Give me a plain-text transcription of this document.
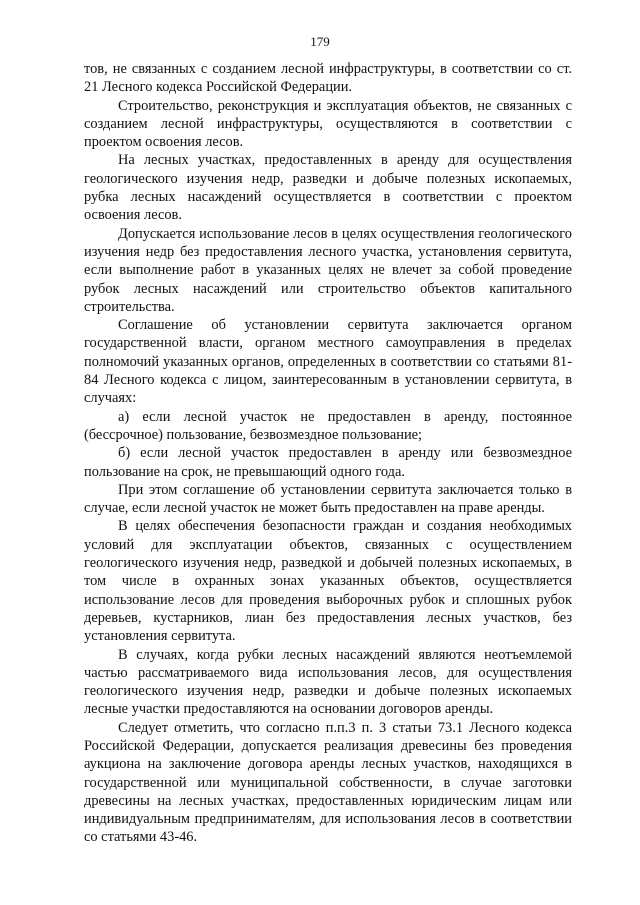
179

тов, не связанных с созданием лесной инфраструктуры, в соответствии со ст. 21 Лесного кодекса Российской Федерации.

Строительство, реконструкция и эксплуатация объектов, не связанных с созданием лесной инфраструктуры, осуществляются в соответствии с проектом освоения лесов.

На лесных участках, предоставленных в аренду для осуществления геологического изучения недр, разведки и добыче полезных ископаемых, рубка лесных насаждений осуществляется в соответствии с проектом освоения лесов.

Допускается использование лесов в целях осуществления геологического изучения недр без предоставления лесного участка, установления сервитута, если выполнение работ в указанных целях не влечет за собой проведение рубок лесных насаждений или строительство объектов капитального строительства.

Соглашение об установлении сервитута заключается органом государственной власти, органом местного самоуправления в пределах полномочий указанных органов, определенных в соответствии со статьями 81-84 Лесного кодекса с лицом, заинтересованным в установлении сервитута, в случаях:

а) если лесной участок не предоставлен в аренду, постоянное (бессрочное) пользование, безвозмездное пользование;

б) если лесной участок предоставлен в аренду или безвозмездное пользование на срок, не превышающий одного года.

При этом соглашение об установлении сервитута заключается только в случае, если лесной участок не может быть предоставлен на праве аренды.

В целях обеспечения безопасности граждан и создания необходимых условий для эксплуатации объектов, связанных с осуществлением геологического изучения недр, разведкой и добычей полезных ископаемых, в том числе в охранных зонах указанных объектов, осуществляется использование лесов для проведения выборочных рубок и сплошных рубок деревьев, кустарников, лиан без предоставления лесных участков, без установления сервитута.

В случаях, когда рубки лесных насаждений являются неотъемлемой частью рассматриваемого вида использования лесов, для осуществления геологического изучения недр, разведки и добыче полезных ископаемых лесные участки предоставляются на основании договоров аренды.

Следует отметить, что согласно п.п.3 п. 3 статьи 73.1 Лесного кодекса Российской Федерации, допускается реализация древесины без проведения аукциона на заключение договора аренды лесных участков, находящихся в государственной или муниципальной собственности, в случае заготовки древесины на лесных участках, предоставленных юридическим лицам или индивидуальным предпринимателям, для использования лесов в соответствии со статьями 43-46.
